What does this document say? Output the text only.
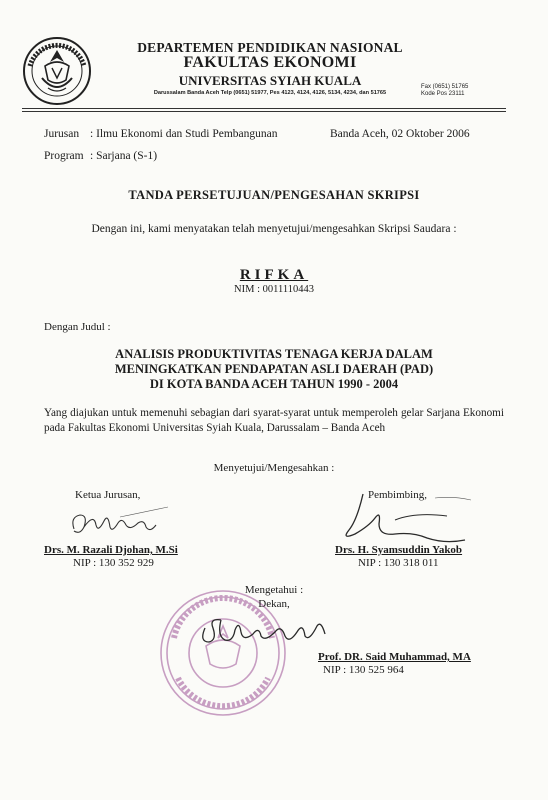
DEPARTEMEN PENDIDIKAN NASIONAL
FAKULTAS EKONOMI
UNIVERSITAS SYIAH KUALA
Darussalam Banda Aceh Telp (0651) 51977, Pes 4123, 4124, 4126, 5134, 4234, dan 51765
Fax (0651) 51765
Kode Pos 23111
Jurusan : Ilmu Ekonomi dan Studi Pembangunan	Banda Aceh, 02 Oktober 2006
Program : Sarjana (S-1)
TANDA PERSETUJUAN/PENGESAHAN SKRIPSI
Dengan ini, kami menyatakan telah menyetujui/mengesahkan Skripsi Saudara :
RIFKA
NIM : 0011110443
Dengan Judul :
ANALISIS PRODUKTIVITAS TENAGA KERJA DALAM
MENINGKATKAN PENDAPATAN ASLI DAERAH (PAD)
DI KOTA BANDA ACEH TAHUN 1990 - 2004
Yang diajukan untuk memenuhi sebagian dari syarat-syarat untuk memperoleh gelar Sarjana Ekonomi pada Fakultas Ekonomi Universitas Syiah Kuala, Darussalam – Banda Aceh
Menyetujui/Mengesahkan :
Ketua Jurusan,	Pembimbing,
Drs. M. Razali Djohan, M.Si	Drs. H. Syamsuddin Yakob
NIP : 130 352 929	NIP : 130 318 011
Mengetahui :
Dekan,
Prof. DR. Said Muhammad, MA
NIP : 130 525 964
